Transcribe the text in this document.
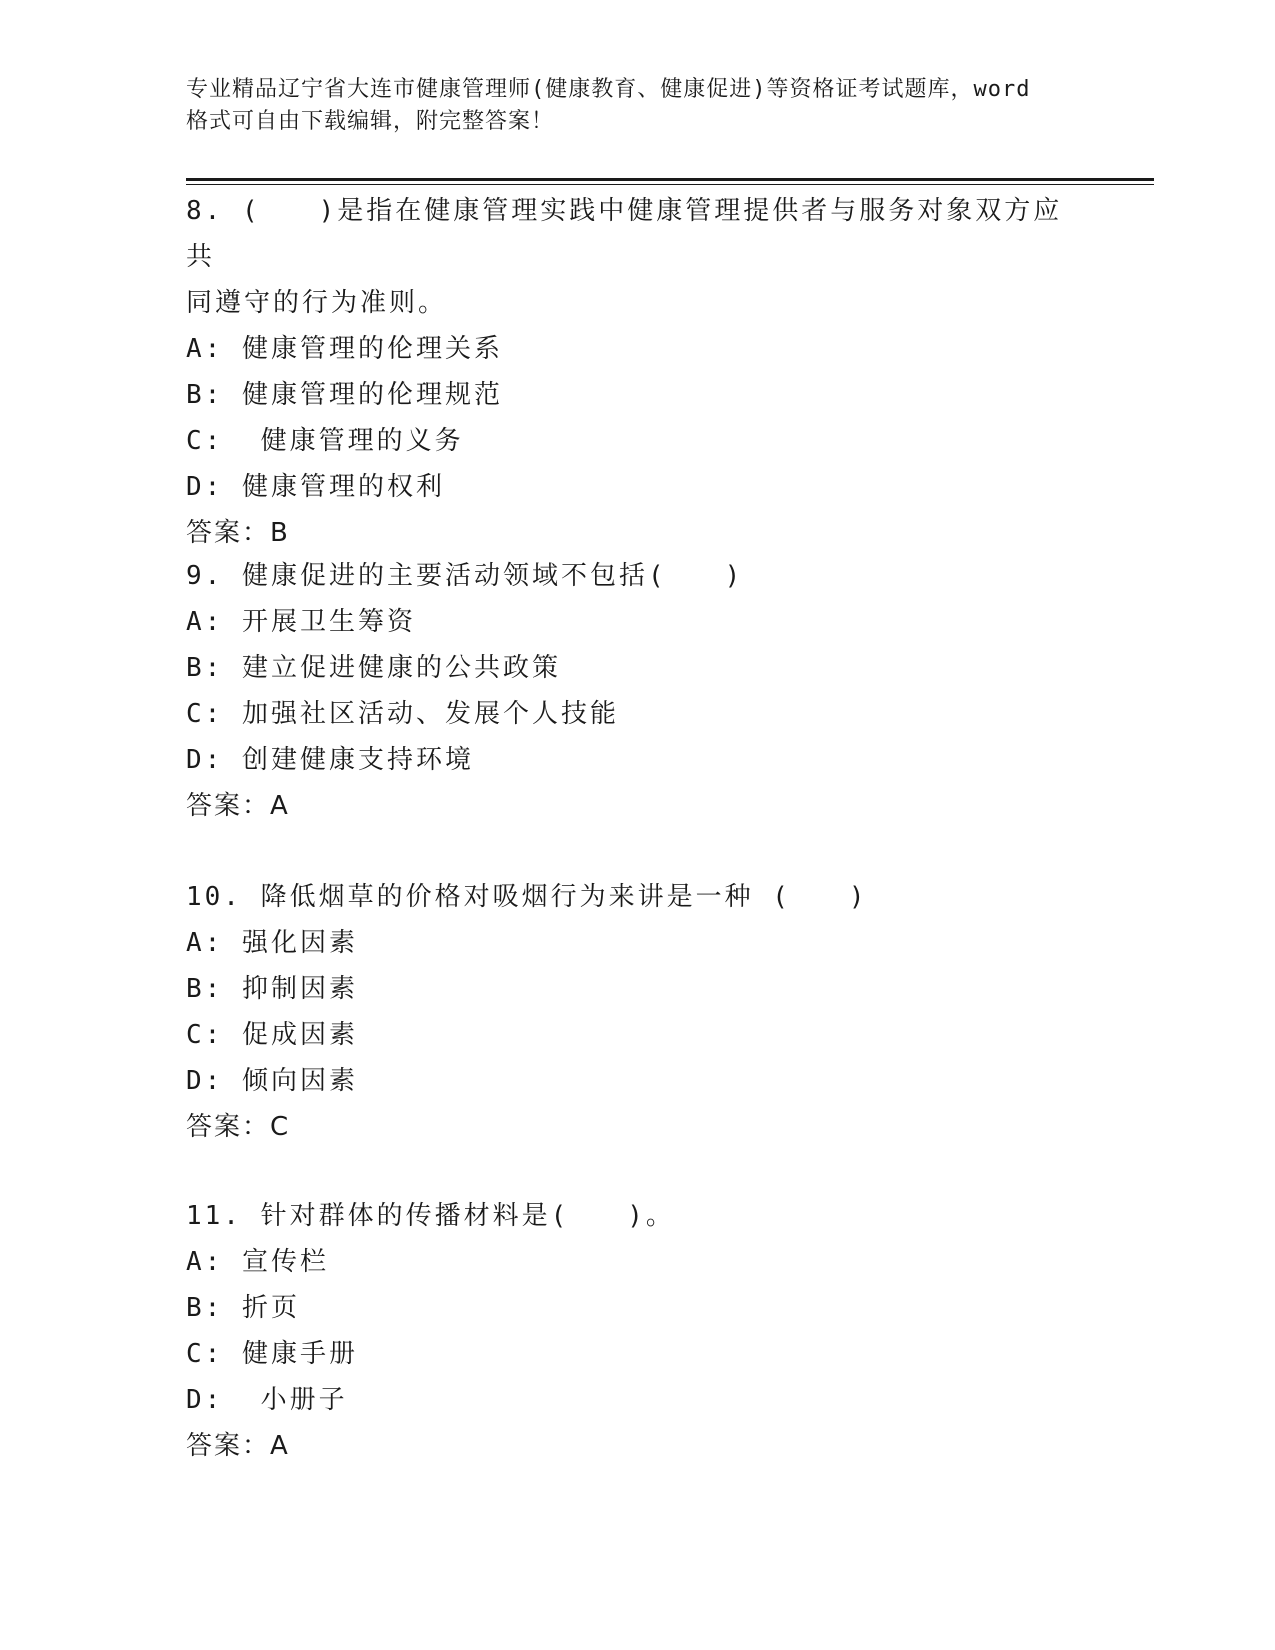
专业精品辽宁省大连市健康管理师(健康教育、健康促进)等资格证考试题库，word
格式可自由下载编辑，附完整答案！
8. (　　)是指在健康管理实践中健康管理提供者与服务对象双方应共
同遵守的行为准则。
A: 健康管理的伦理关系
B: 健康管理的伦理规范
C:  健康管理的义务
D: 健康管理的权利
答案：B
9. 健康促进的主要活动领域不包括(　　)
A: 开展卫生筹资
B: 建立促进健康的公共政策
C: 加强社区活动、发展个人技能
D: 创建健康支持环境
答案：A
10. 降低烟草的价格对吸烟行为来讲是一种 (　　)
A: 强化因素
B: 抑制因素
C: 促成因素
D: 倾向因素
答案：C
11. 针对群体的传播材料是(　　)。
A: 宣传栏
B: 折页
C: 健康手册
D:  小册子
答案：A
